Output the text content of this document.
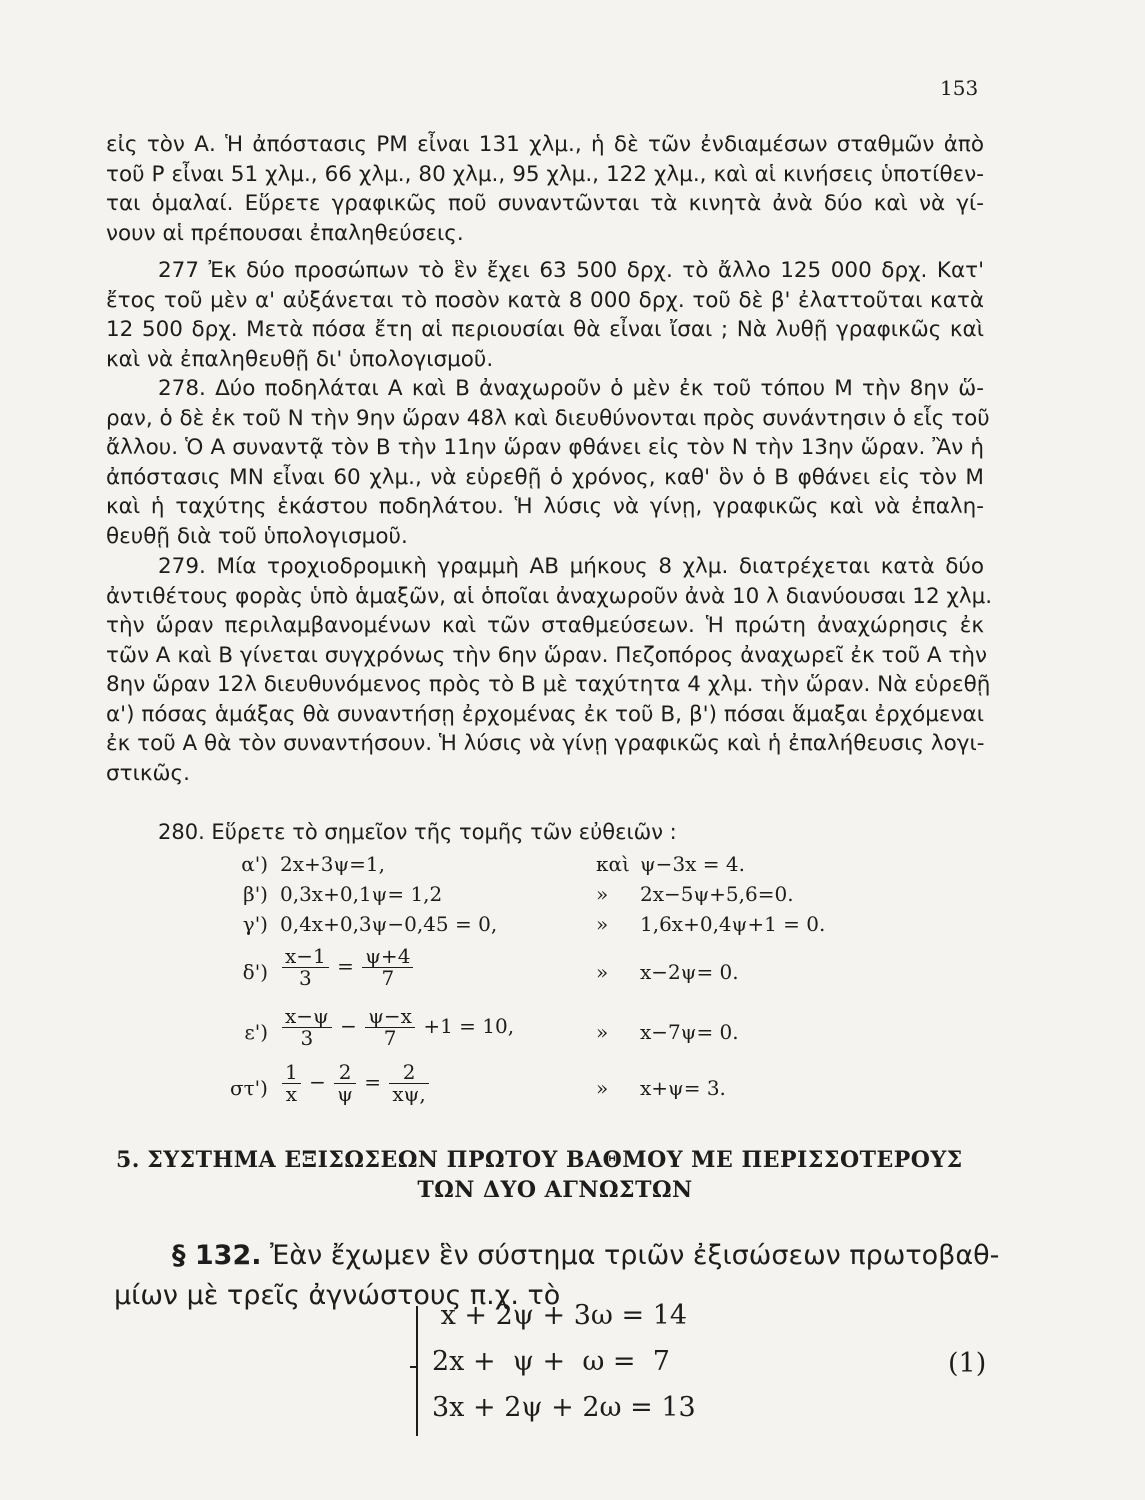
153
εἰς τὸν Α. Ἡ ἀπόστασις ΡΜ εἶναι 131 χλμ., ἡ δὲ τῶν ἐνδιαμέσων σταθμῶν ἀπὸ
τοῦ Ρ εἶναι 51 χλμ., 66 χλμ., 80 χλμ., 95 χλμ., 122 χλμ., καὶ αἱ κινήσεις ὑποτίθεν-
ται ὁμαλαί. Εὕρετε γραφικῶς ποῦ συναντῶνται τὰ κινητὰ ἀνὰ δύο καὶ νὰ γί-
νουν αἱ πρέπουσαι ἐπαληθεύσεις.
277 Ἐκ δύο προσώπων τὸ ἓν ἔχει 63 500 δρχ. τὸ ἄλλο 125 000 δρχ. Κατ'
ἔτος τοῦ μὲν α' αὐξάνεται τὸ ποσὸν κατὰ 8 000 δρχ. τοῦ δὲ β' ἐλαττοῦται κατὰ
12 500 δρχ. Μετὰ πόσα ἔτη αἱ περιουσίαι θὰ εἶναι ἴσαι ; Νὰ λυθῇ γραφικῶς καὶ
καὶ νὰ ἐπαληθευθῇ δι' ὑπολογισμοῦ.
278. Δύο ποδηλάται Α καὶ Β ἀναχωροῦν ὁ μὲν ἐκ τοῦ τόπου Μ τὴν 8ην ὥ-
ραν, ὁ δὲ ἐκ τοῦ Ν τὴν 9ην ὥραν 48λ καὶ διευθύνονται πρὸς συνάντησιν ὁ εἷς τοῦ
ἄλλου. Ὁ Α συναντᾷ τὸν Β τὴν 11ην ὥραν φθάνει εἰς τὸν Ν τὴν 13ην ὥραν. Ἂν ἡ
ἀπόστασις ΜΝ εἶναι 60 χλμ., νὰ εὑρεθῇ ὁ χρόνος, καθ' ὃν ὁ Β φθάνει εἰς τὸν Μ
καὶ ἡ ταχύτης ἑκάστου ποδηλάτου. Ἡ λύσις νὰ γίνῃ, γραφικῶς καὶ νὰ ἐπαλη-
θευθῇ διὰ τοῦ ὑπολογισμοῦ.
279. Μία τροχιοδρομικὴ γραμμὴ ΑΒ μήκους 8 χλμ. διατρέχεται κατὰ δύο
ἀντιθέτους φορὰς ὑπὸ ἁμαξῶν, αἱ ὁποῖαι ἀναχωροῦν ἀνὰ 10 λ διανύουσαι 12 χλμ.
τὴν ὥραν περιλαμβανομένων καὶ τῶν σταθμεύσεων. Ἡ πρώτη ἀναχώρησις ἐκ
τῶν Α καὶ Β γίνεται συγχρόνως τὴν 6ην ὥραν. Πεζοπόρος ἀναχωρεῖ ἐκ τοῦ Α τὴν
8ην ὥραν 12λ διευθυνόμενος πρὸς τὸ Β μὲ ταχύτητα 4 χλμ. τὴν ὥραν. Νὰ εὑρεθῇ
α') πόσας ἁμάξας θὰ συναντήσῃ ἐρχομένας ἐκ τοῦ Β, β') πόσαι ἅμαξαι ἐρχόμεναι
ἐκ τοῦ Α θὰ τὸν συναντήσουν. Ἡ λύσις νὰ γίνῃ γραφικῶς καὶ ἡ ἐπαλήθευσις λογι-
στικῶς.
280. Εὕρετε τὸ σημεῖον τῆς τομῆς τῶν εὐθειῶν :
α') 2x+3ψ=1,	καὶ ψ−3x = 4.
β') 0,3x+0,1ψ= 1,2	» 2x−5ψ+5,6=0.
γ') 0,4x+0,3ψ−0,45 = 0,	» 1,6x+0,4ψ+1 = 0.
$\delta') \frac{x-1}{3} = \frac{\psi+4}{7}$	» x−2ψ= 0.
$\varepsilon') \frac{x-\psi}{3} - \frac{\psi-x}{7} +1 = 10$,	» x−7ψ= 0.
$\sigma\tau') \frac{1}{x} - \frac{2}{\psi} = \frac{2}{x\psi,}$	» x+ψ= 3.
5. ΣΥΣΤΗΜΑ ΕΞΙΣΩΣΕΩΝ ΠΡΩΤΟΥ ΒΑΘΜΟΥ ΜΕ ΠΕΡΙΣΣΟΤΕΡΟΥΣ
ΤΩΝ ΔΥΟ ΑΓΝΩΣΤΩΝ
§ 132. Ἐὰν ἔχωμεν ἓν σύστημα τριῶν ἐξισώσεων πρωτοβαθ-
μίων μὲ τρεῖς ἀγνώστους π.χ. τὸ
x + 2ψ + 3ω = 14
2x +  ψ +  ω =  7
3x + 2ψ + 2ω = 13
(1)
